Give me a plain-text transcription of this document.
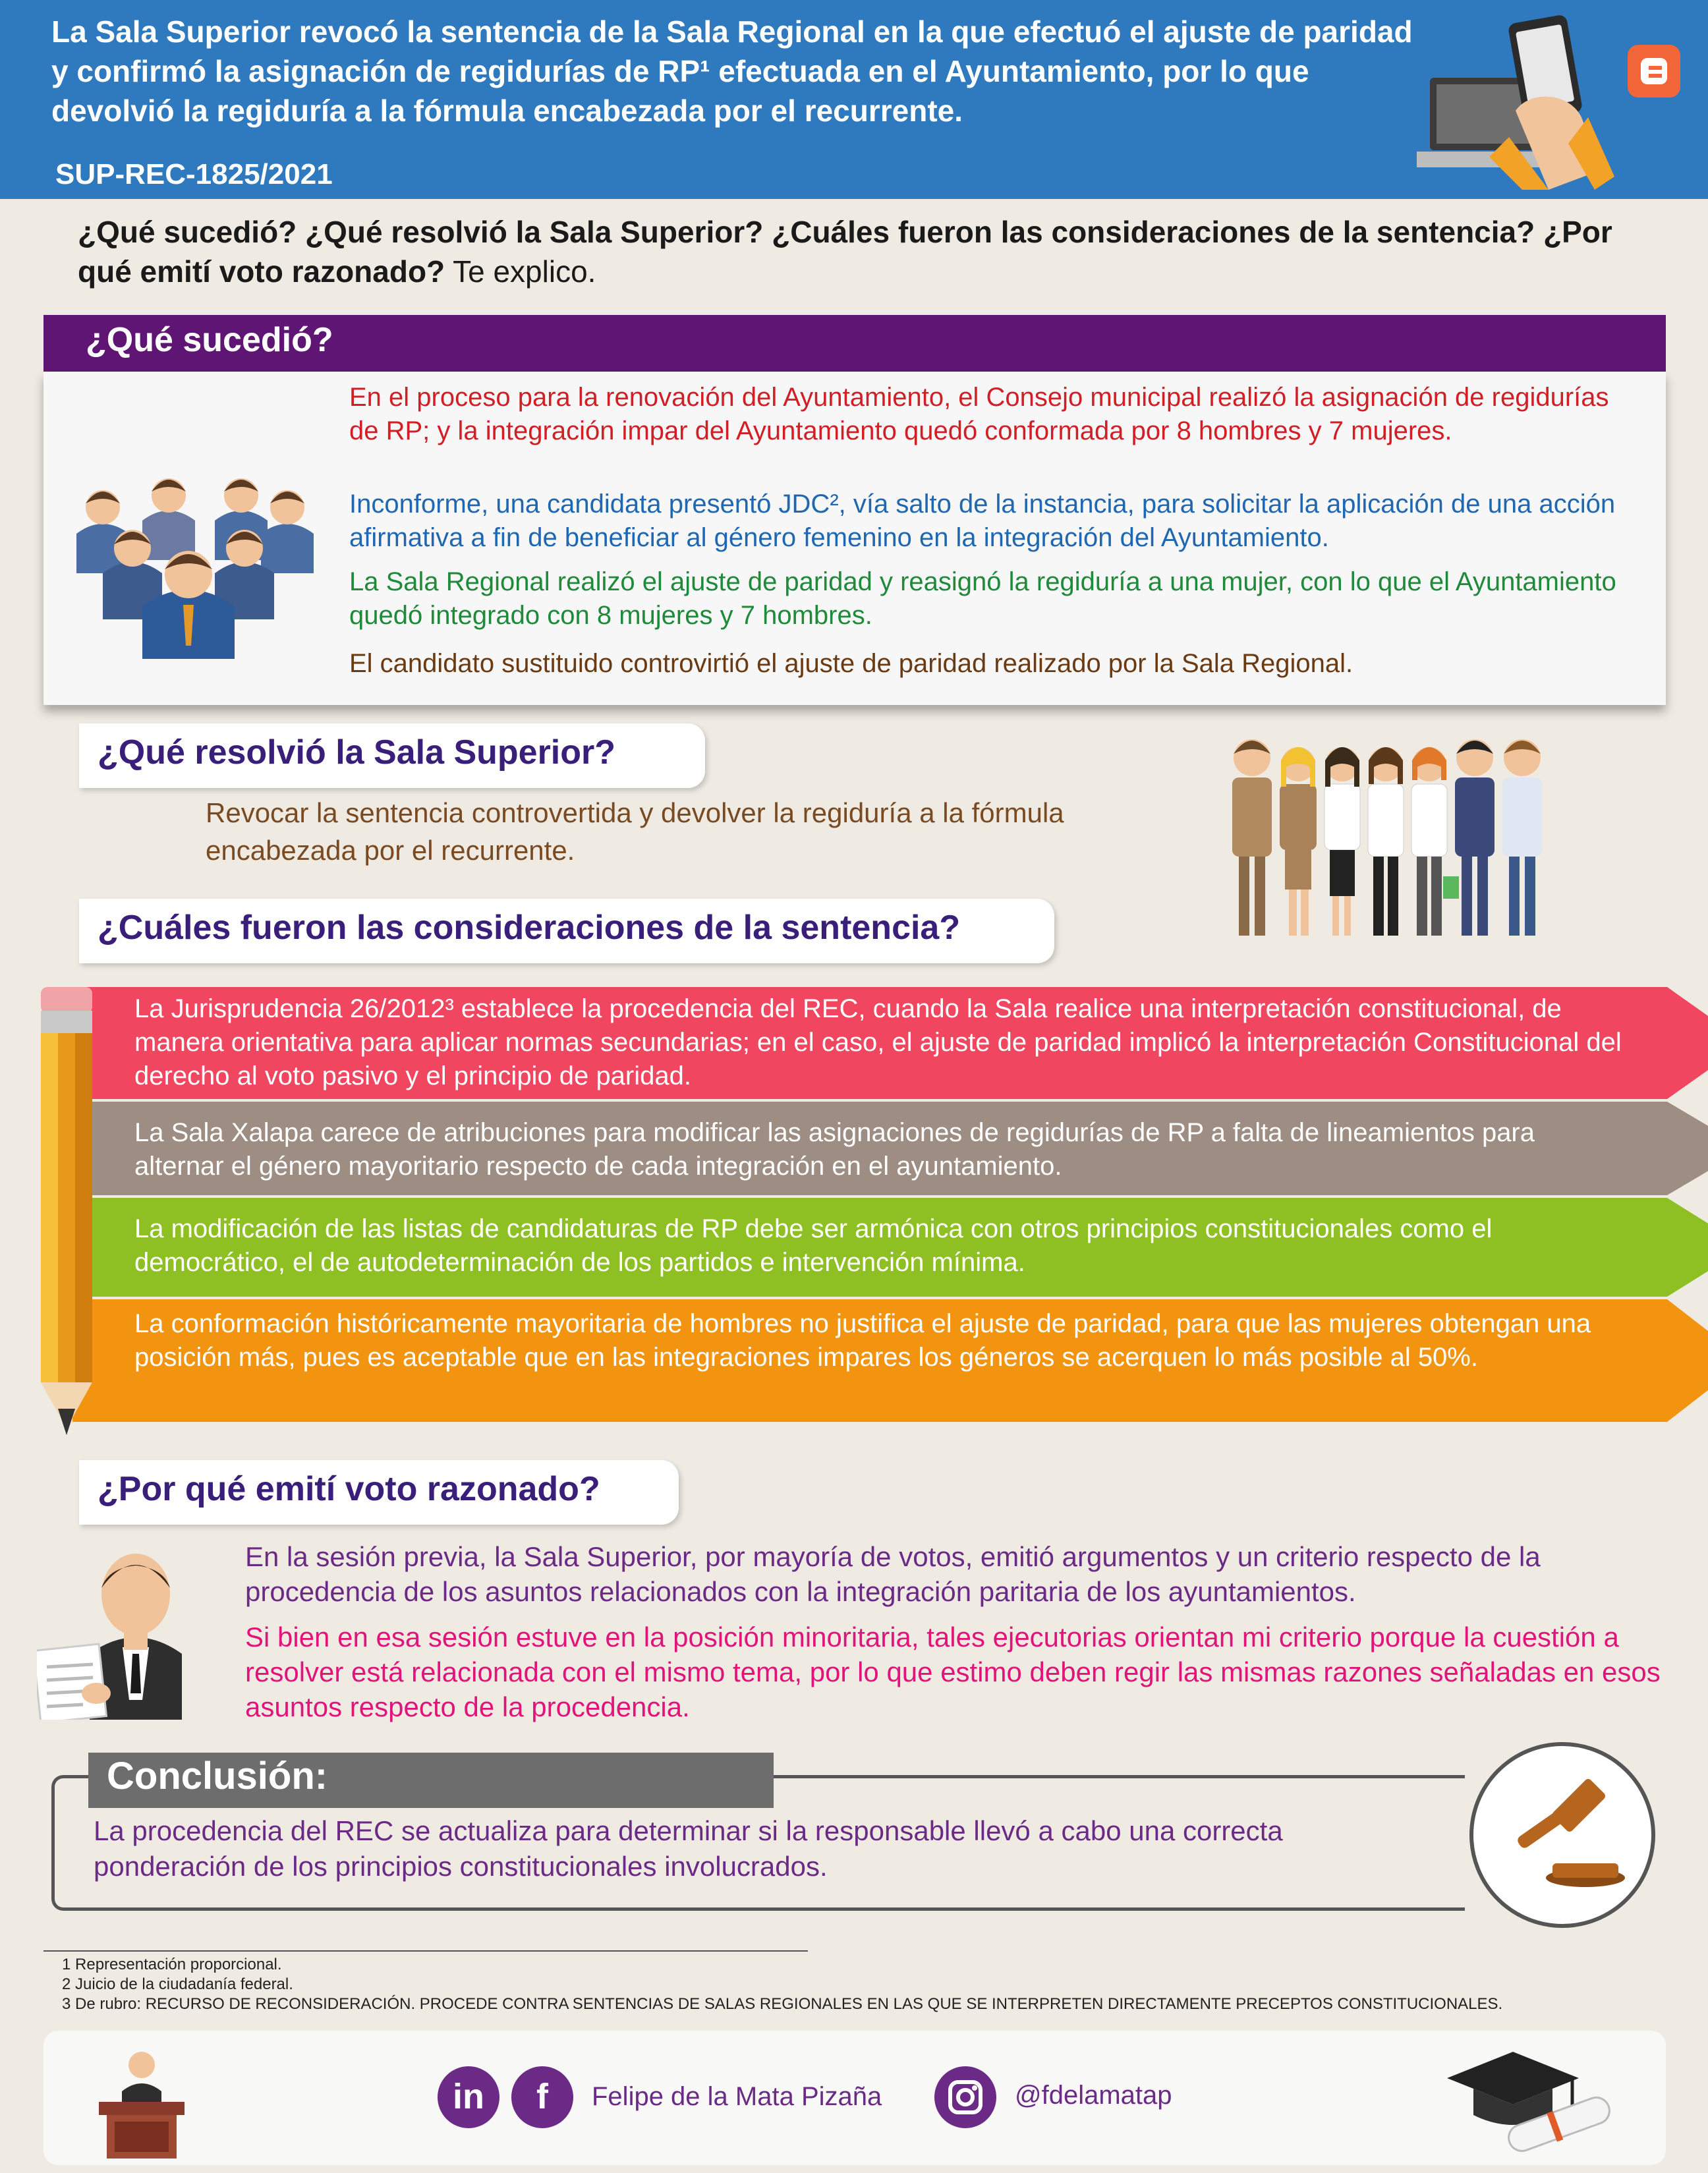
La Sala Superior revocó la sentencia de la Sala Regional en la que efectuó el ajuste de paridad y confirmó la asignación de regidurías de RP¹ efectuada en el Ayuntamiento, por lo que devolvió la regiduría a la fórmula encabezada por el recurrente.
SUP-REC-1825/2021
¿Qué sucedió? ¿Qué resolvió la Sala Superior? ¿Cuáles fueron las consideraciones de la sentencia? ¿Por qué emití voto razonado? Te explico.
¿Qué sucedió?
En el proceso para la renovación del Ayuntamiento, el Consejo municipal realizó la asignación de regidurías de RP; y la integración impar del Ayuntamiento quedó conformada por 8 hombres y 7 mujeres.
Inconforme, una candidata presentó JDC², vía salto de la instancia, para solicitar la aplicación de una acción afirmativa a fin de beneficiar al género femenino en la integración del Ayuntamiento.
La Sala Regional realizó el ajuste de paridad y reasignó la regiduría a una mujer, con lo que el Ayuntamiento quedó integrado con 8 mujeres y 7 hombres.
El candidato sustituido controvirtió el ajuste de paridad realizado por la Sala Regional.
¿Qué resolvió la Sala Superior?
Revocar la sentencia controvertida y devolver la regiduría a la fórmula encabezada por el recurrente.
¿Cuáles fueron las consideraciones de la sentencia?
La Jurisprudencia 26/2012³ establece la procedencia del REC, cuando la Sala realice una interpretación constitucional, de manera orientativa para aplicar normas secundarias; en el caso, el ajuste de paridad implicó la interpretación Constitucional del derecho al voto pasivo y el principio de paridad.
La Sala Xalapa carece de atribuciones para modificar las asignaciones de regidurías de RP a falta de lineamientos para alternar el género mayoritario respecto de cada integración en el ayuntamiento.
La modificación de las listas de candidaturas de RP debe ser armónica con otros principios constitucionales como el democrático, el de autodeterminación de los partidos e intervención mínima.
La conformación históricamente mayoritaria de hombres no justifica el ajuste de paridad, para que las mujeres obtengan una posición más, pues es aceptable que en las integraciones impares los géneros se acerquen lo más posible al 50%.
¿Por qué emití voto razonado?
En la sesión previa, la Sala Superior, por mayoría de votos, emitió argumentos y un criterio respecto de la procedencia de los asuntos relacionados con la integración paritaria de los ayuntamientos.
Si bien en esa sesión estuve en la posición minoritaria, tales ejecutorias orientan mi criterio porque la cuestión a resolver está relacionada con el mismo tema, por lo que estimo deben regir las mismas razones señaladas en esos asuntos respecto de la procedencia.
Conclusión:
La procedencia del REC se actualiza para determinar si la responsable llevó a cabo una correcta ponderación de los principios constitucionales involucrados.
1 Representación proporcional.
2 Juicio de la ciudadanía federal.
3 De rubro: RECURSO DE RECONSIDERACIÓN. PROCEDE CONTRA SENTENCIAS DE SALAS REGIONALES EN LAS QUE SE INTERPRETEN DIRECTAMENTE PRECEPTOS CONSTITUCIONALES.
in	f	Felipe de la Mata Pizaña	@fdelamatap
